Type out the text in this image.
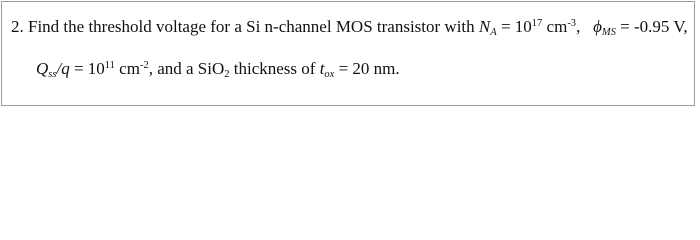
2. Find the threshold voltage for a Si n-channel MOS transistor with $N_A = 10^{17}$ $cm^{-3}$,   $\phi_{MS} = -0.95$ V,
$Q_{ss}/q = 10^{11}$ $cm^{-2}$, and a SiO$_2$ thickness of $t_{ox} = 20$ nm.
